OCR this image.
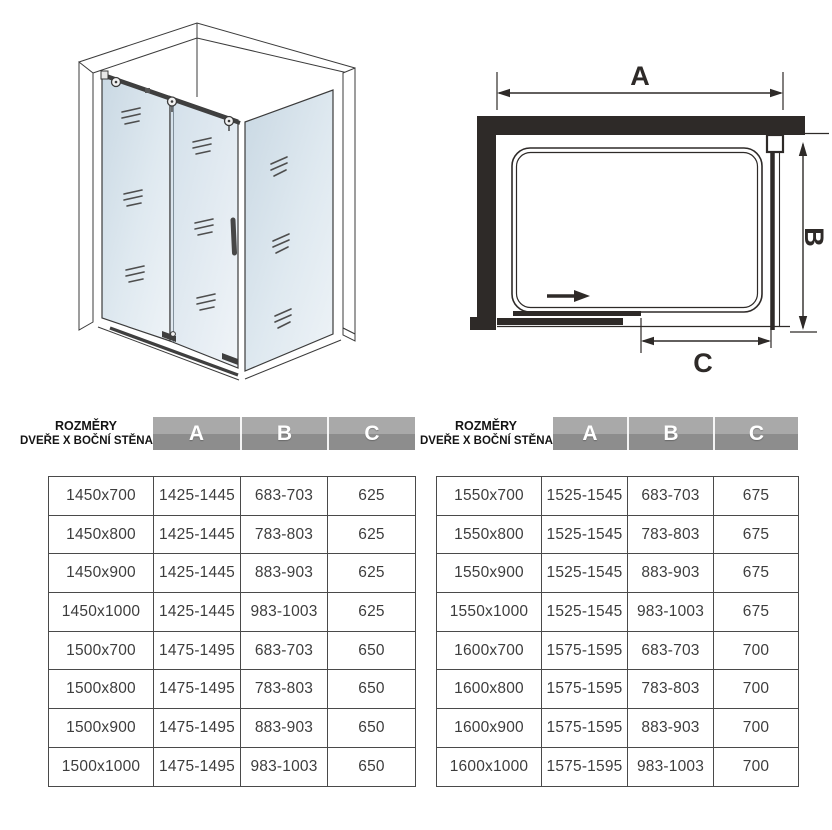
A
B
C
ROZMĚRY
DVEŘE X BOČNÍ STĚNA	A	B	C
1450x700	1425-1445	683-703	625
1450x800	1425-1445	783-803	625
1450x900	1425-1445	883-903	625
1450x1000	1425-1445	983-1003	625
1500x700	1475-1495	683-703	650
1500x800	1475-1495	783-803	650
1500x900	1475-1495	883-903	650
1500x1000	1475-1495	983-1003	650
ROZMĚRY
DVEŘE X BOČNÍ STĚNA	A	B	C
1550x700	1525-1545	683-703	675
1550x800	1525-1545	783-803	675
1550x900	1525-1545	883-903	675
1550x1000	1525-1545	983-1003	675
1600x700	1575-1595	683-703	700
1600x800	1575-1595	783-803	700
1600x900	1575-1595	883-903	700
1600x1000	1575-1595	983-1003	700
